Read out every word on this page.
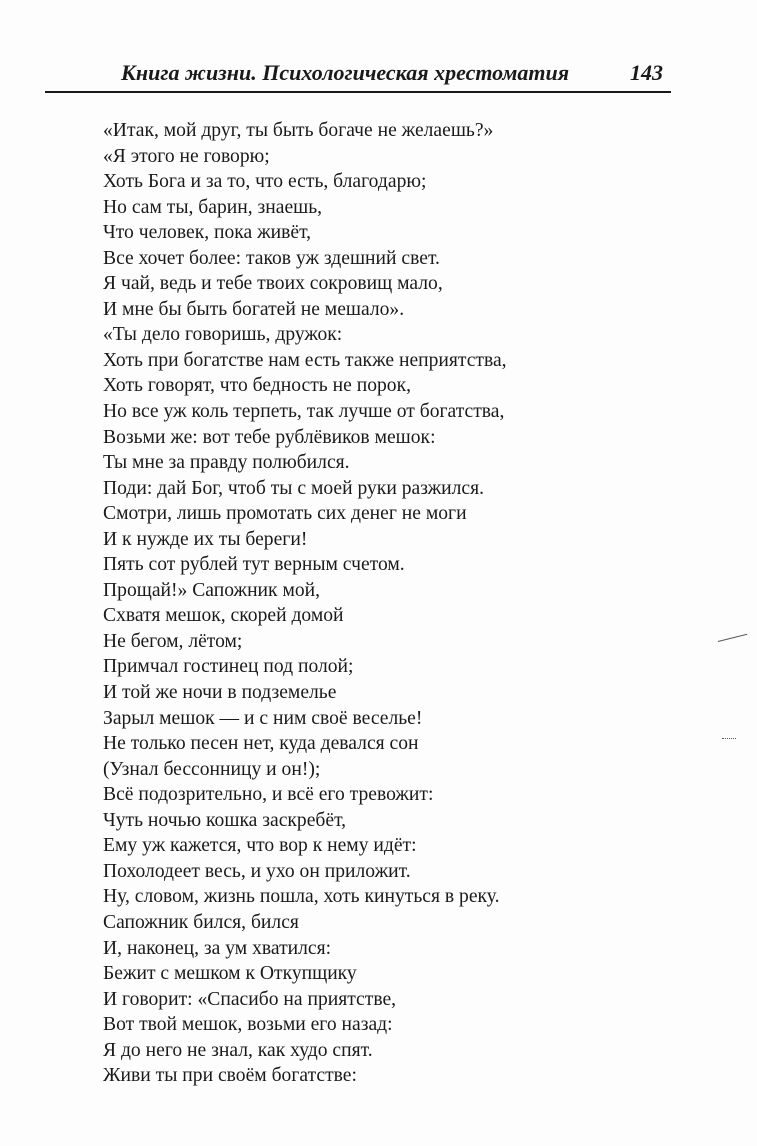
Книга жизни. Психологическая хрестоматия	143
«Итак, мой друг, ты быть богаче не желаешь?»
«Я этого не говорю;
Хоть Бога и за то, что есть, благодарю;
Но сам ты, барин, знаешь,
Что человек, пока живёт,
Все хочет более: таков уж здешний свет.
Я чай, ведь и тебе твоих сокровищ мало,
И мне бы быть богатей не мешало».
«Ты дело говоришь, дружок:
Хоть при богатстве нам есть также неприятства,
Хоть говорят, что бедность не порок,
Но все уж коль терпеть, так лучше от богатства,
Возьми же: вот тебе рублёвиков мешок:
Ты мне за правду полюбился.
Поди: дай Бог, чтоб ты с моей руки разжился.
Смотри, лишь промотать сих денег не моги
И к нужде их ты береги!
Пять сот рублей тут верным счетом.
Прощай!» Сапожник мой,
Схватя мешок, скорей домой
Не бегом, лётом;
Примчал гостинец под полой;
И той же ночи в подземелье
Зарыл мешок — и с ним своё веселье!
Не только песен нет, куда девался сон
(Узнал бессонницу и он!);
Всё подозрительно, и всё его тревожит:
Чуть ночью кошка заскребёт,
Ему уж кажется, что вор к нему идёт:
Похолодеет весь, и ухо он приложит.
Ну, словом, жизнь пошла, хоть кинуться в реку.
Сапожник бился, бился
И, наконец, за ум хватился:
Бежит с мешком к Откупщику
И говорит: «Спасибо на приятстве,
Вот твой мешок, возьми его назад:
Я до него не знал, как худо спят.
Живи ты при своём богатстве:
